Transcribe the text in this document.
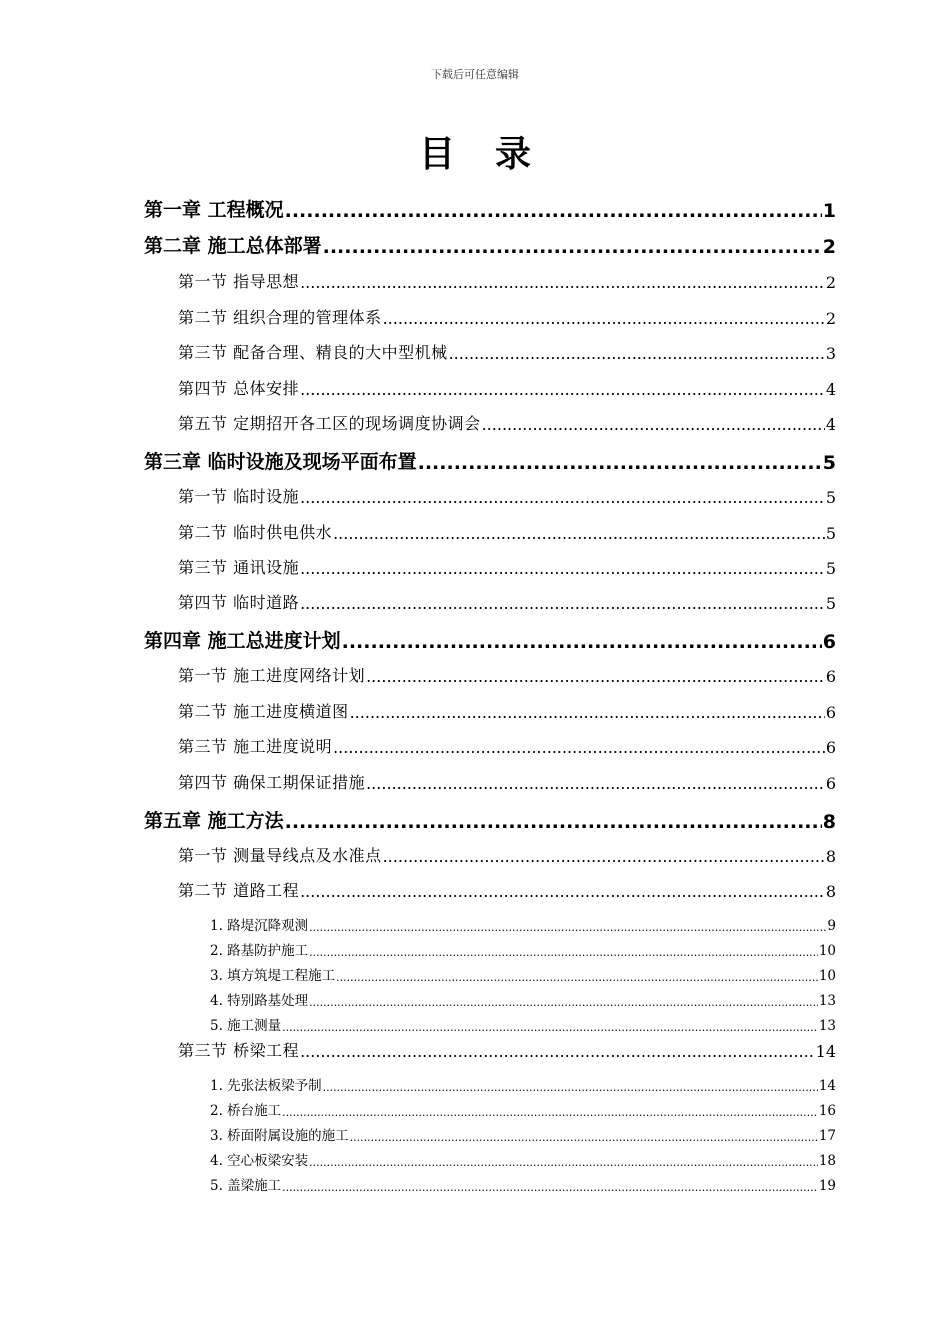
下载后可任意编辑
目 录
第一章 工程概况 .....	1
第二章 施工总体部署 .....	2
第一节 指导思想 .....	2
第二节 组织合理的管理体系 .....	2
第三节 配备合理、精良的大中型机械 .....	3
第四节 总体安排 .....	4
第五节 定期招开各工区的现场调度协调会 .....	4
第三章 临时设施及现场平面布置 .....	5
第一节 临时设施 .....	5
第二节 临时供电供水 .....	5
第三节 通讯设施 .....	5
第四节 临时道路 .....	5
第四章 施工总进度计划 .....	6
第一节 施工进度网络计划 .....	6
第二节 施工进度横道图 .....	6
第三节 施工进度说明 .....	6
第四节 确保工期保证措施 .....	6
第五章 施工方法 .....	8
第一节 测量导线点及水准点 .....	8
第二节 道路工程 .....	8
1. 路堤沉降观测 .....	9
2. 路基防护施工 .....	10
3. 填方筑堤工程施工 .....	10
4. 特别路基处理 .....	13
5. 施工测量 .....	13
第三节 桥梁工程 .....	14
1. 先张法板梁予制 .....	14
2. 桥台施工 .....	16
3. 桥面附属设施的施工 .....	17
4. 空心板梁安装 .....	18
5. 盖梁施工 .....	19
